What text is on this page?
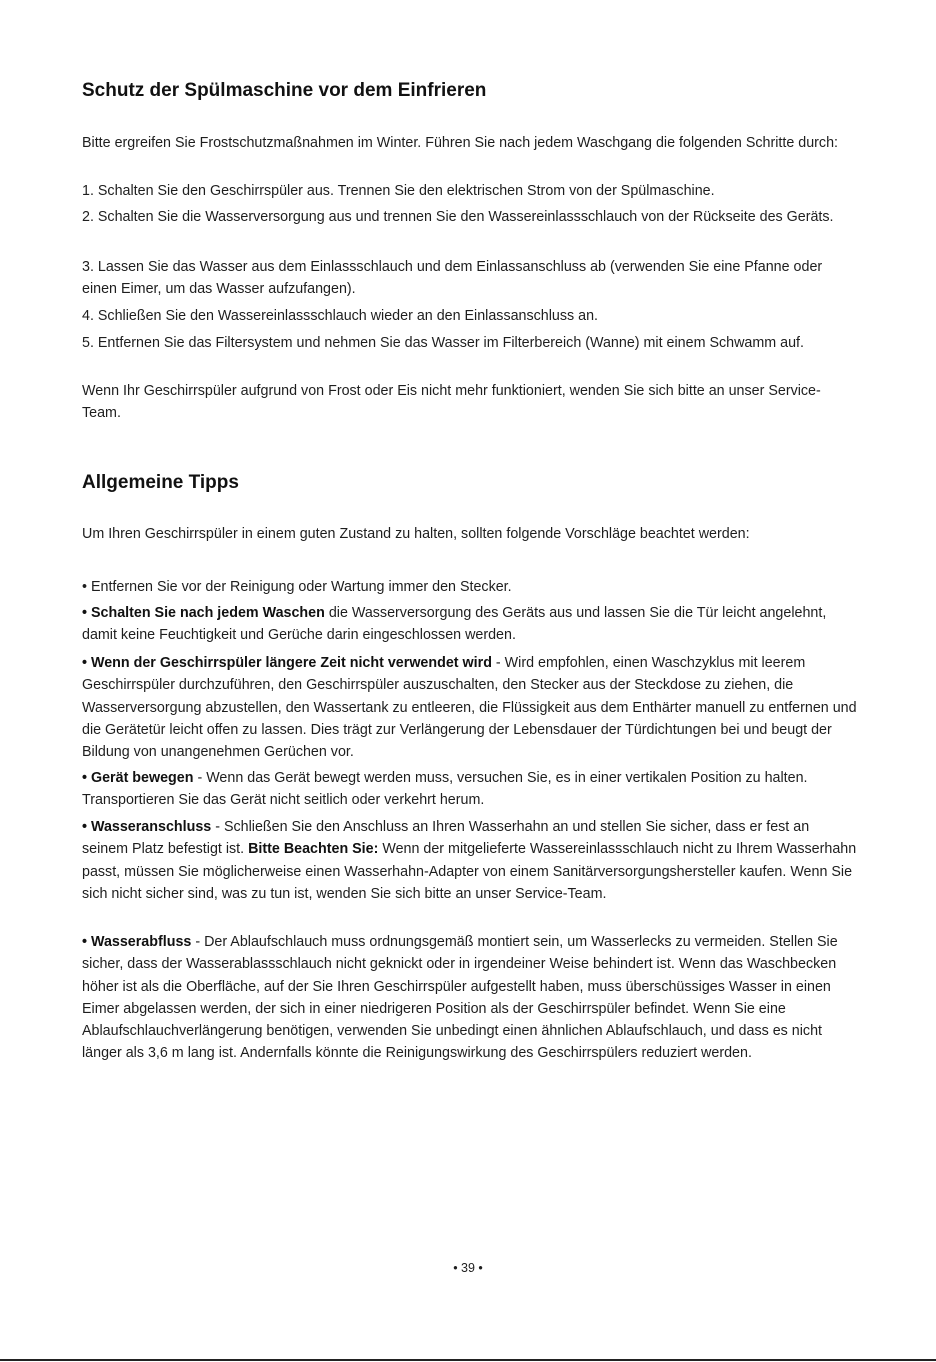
Schutz der Spülmaschine vor dem Einfrieren

Bitte ergreifen Sie Frostschutzmaßnahmen im Winter. Führen Sie nach jedem Waschgang die folgenden Schritte durch:

1. Schalten Sie den Geschirrspüler aus. Trennen Sie den elektrischen Strom von der Spülmaschine.

2. Schalten Sie die Wasserversorgung aus und trennen Sie den Wassereinlassschlauch von der Rückseite des Geräts.

3. Lassen Sie das Wasser aus dem Einlassschlauch und dem Einlassanschluss ab (verwenden Sie eine Pfanne oder einen Eimer, um das Wasser aufzufangen).

4. Schließen Sie den Wassereinlassschlauch wieder an den Einlassanschluss an.

5. Entfernen Sie das Filtersystem und nehmen Sie das Wasser im Filterbereich (Wanne) mit einem Schwamm auf.

Wenn Ihr Geschirrspüler aufgrund von Frost oder Eis nicht mehr funktioniert, wenden Sie sich bitte an unser Service-Team.

Allgemeine Tipps

Um Ihren Geschirrspüler in einem guten Zustand zu halten, sollten folgende Vorschläge beachtet werden:

• Entfernen Sie vor der Reinigung oder Wartung immer den Stecker.

• Schalten Sie nach jedem Waschen die Wasserversorgung des Geräts aus und lassen Sie die Tür leicht angelehnt, damit keine Feuchtigkeit und Gerüche darin eingeschlossen werden.

• Wenn der Geschirrspüler längere Zeit nicht verwendet wird - Wird empfohlen, einen Waschzyklus mit leerem Geschirrspüler durchzuführen, den Geschirrspüler auszuschalten, den Stecker aus der Steckdose zu ziehen, die Wasserversorgung abzustellen, den Wassertank zu entleeren, die Flüssigkeit aus dem Enthärter manuell zu entfernen und die Gerätetür leicht offen zu lassen. Dies trägt zur Verlängerung der Lebensdauer der Türdichtungen bei und beugt der Bildung von unangenehmen Gerüchen vor.

• Gerät bewegen - Wenn das Gerät bewegt werden muss, versuchen Sie, es in einer vertikalen Position zu halten. Transportieren Sie das Gerät nicht seitlich oder verkehrt herum.

• Wasseranschluss - Schließen Sie den Anschluss an Ihren Wasserhahn an und stellen Sie sicher, dass er fest an seinem Platz befestigt ist. Bitte Beachten Sie: Wenn der mitgelieferte Wassereinlassschlauch nicht zu Ihrem Wasserhahn passt, müssen Sie möglicherweise einen Wasserhahn-Adapter von einem Sanitärversorgungshersteller kaufen. Wenn Sie sich nicht sicher sind, was zu tun ist, wenden Sie sich bitte an unser Service-Team.

• Wasserabfluss - Der Ablaufschlauch muss ordnungsgemäß montiert sein, um Wasserlecks zu vermeiden. Stellen Sie sicher, dass der Wasserablassschlauch nicht geknickt oder in irgendeiner Weise behindert ist. Wenn das Waschbecken höher ist als die Oberfläche, auf der Sie Ihren Geschirrspüler aufgestellt haben, muss überschüssiges Wasser in einen Eimer abgelassen werden, der sich in einer niedrigeren Position als der Geschirrspüler befindet. Wenn Sie eine Ablaufschlauchverlängerung benötigen, verwenden Sie unbedingt einen ähnlichen Ablaufschlauch, und dass es nicht länger als 3,6 m lang ist. Andernfalls könnte die Reinigungswirkung des Geschirrspülers reduziert werden.

• 39 •
